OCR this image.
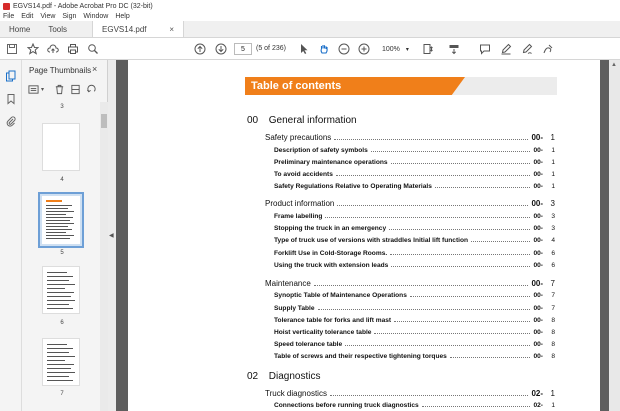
EGVS14.pdf - Adobe Acrobat Pro DC (32-bit)
File Edit View Sign Window Help
Home	Tools	EGVS14.pdf	×
5	(5 of 236)	100% ▾
Page Thumbnails ×
▾
3
4
5
6
7
◀
▲
Table of contents
00 General information
Safety precautions	00- 1
Description of safety symbols	00- 1
Preliminary maintenance operations	00- 1
To avoid accidents	00- 1
Safety Regulations Relative to Operating Materials	00- 1
Product information	00- 3
Frame labelling	00- 3
Stopping the truck in an emergency	00- 3
Type of truck use of versions with straddles Initial lift function	00- 4
Forklift Use in Cold-Storage Rooms.	00- 6
Using the truck with extension leads	00- 6
Maintenance	00- 7
Synoptic Table of Maintenance Operations	00- 7
Supply Table	00- 7
Tolerance table for forks and lift mast	00- 8
Hoist verticality tolerance table	00- 8
Speed tolerance table	00- 8
Table of screws and their respective tightening torques	00- 8
02 Diagnostics
Truck diagnostics	02- 1
Connections before running truck diagnostics	02- 1
